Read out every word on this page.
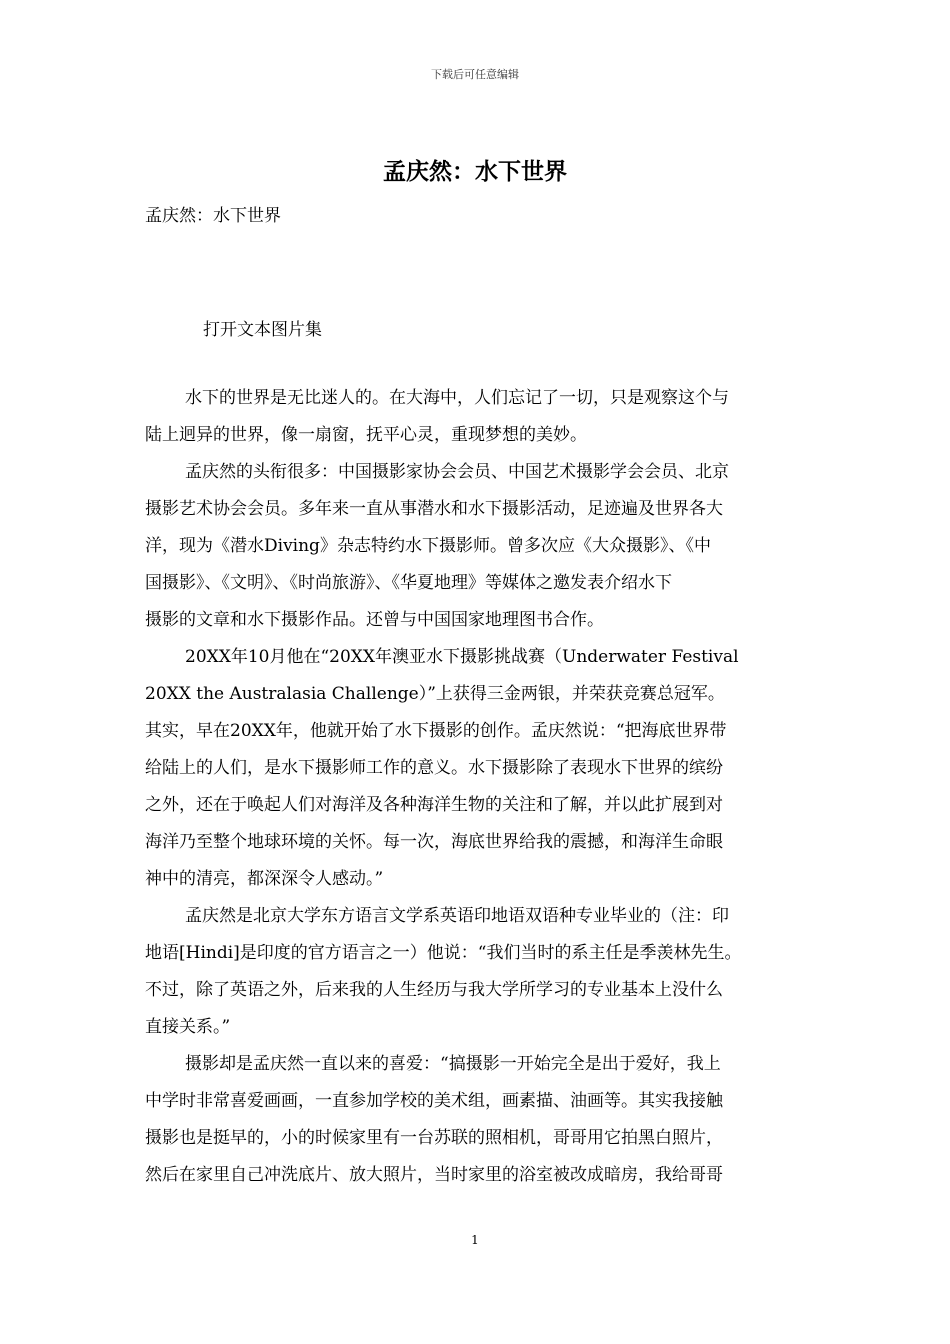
下载后可任意编辑
孟庆然：水下世界
孟庆然：水下世界
打开文本图片集
水下的世界是无比迷人的。在大海中，人们忘记了一切，只是观察这个与
陆上迥异的世界，像一扇窗，抚平心灵，重现梦想的美妙。
孟庆然的头衔很多：中国摄影家协会会员、中国艺术摄影学会会员、北京
摄影艺术协会会员。多年来一直从事潜水和水下摄影活动，足迹遍及世界各大
洋，现为《潜水Diving》杂志特约水下摄影师。曾多次应《大众摄影》、《中
国摄影》、《文明》、《时尚旅游》、《华夏地理》等媒体之邀发表介绍水下
摄影的文章和水下摄影作品。还曾与中国国家地理图书合作。
20XX年10月他在“20XX年澳亚水下摄影挑战赛（Underwater Festival
20XX the Australasia Challenge）”上获得三金两银，并荣获竞赛总冠军。
其实，早在20XX年，他就开始了水下摄影的创作。孟庆然说：“把海底世界带
给陆上的人们，是水下摄影师工作的意义。水下摄影除了表现水下世界的缤纷
之外，还在于唤起人们对海洋及各种海洋生物的关注和了解，并以此扩展到对
海洋乃至整个地球环境的关怀。每一次，海底世界给我的震撼，和海洋生命眼
神中的清亮，都深深令人感动。”
孟庆然是北京大学东方语言文学系英语印地语双语种专业毕业的（注：印
地语[Hindi]是印度的官方语言之一）他说：“我们当时的系主任是季羡林先生。
不过，除了英语之外，后来我的人生经历与我大学所学习的专业基本上没什么
直接关系。”
摄影却是孟庆然一直以来的喜爱：“搞摄影一开始完全是出于爱好，我上
中学时非常喜爱画画，一直参加学校的美术组，画素描、油画等。其实我接触
摄影也是挺早的，小的时候家里有一台苏联的照相机，哥哥用它拍黑白照片，
然后在家里自己冲洗底片、放大照片，当时家里的浴室被改成暗房，我给哥哥
1
